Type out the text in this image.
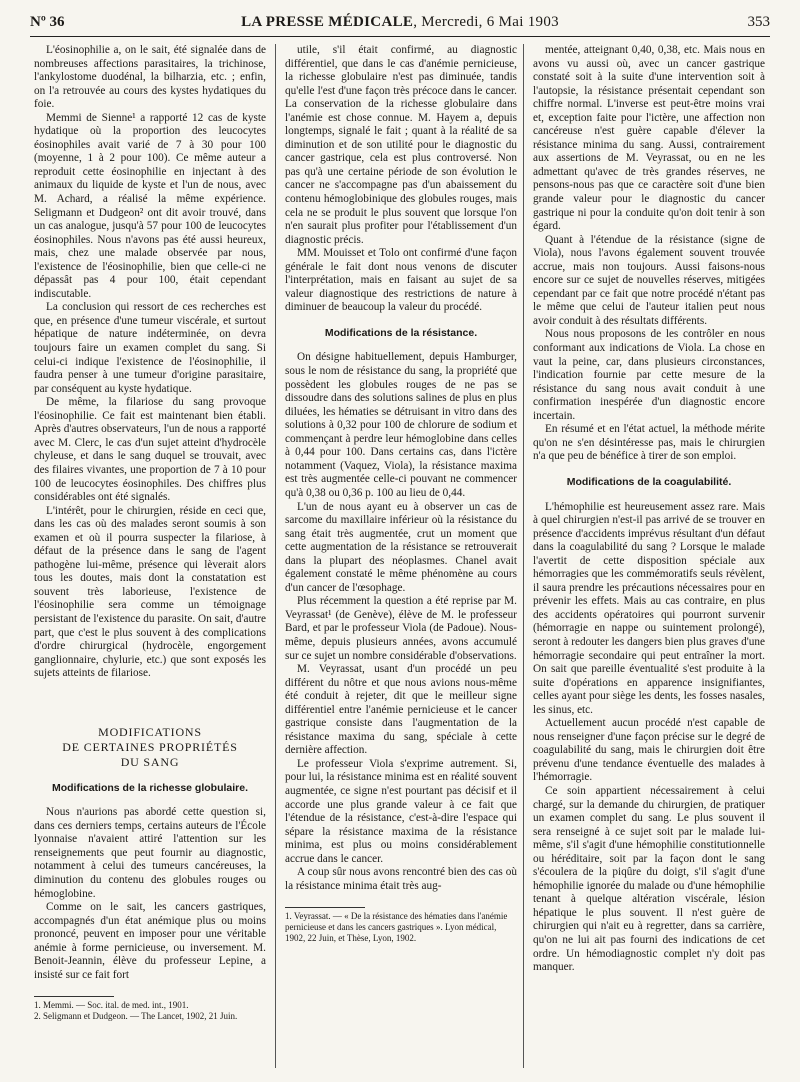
Nº 36	LA PRESSE MÉDICALE, Mercredi, 6 Mai 1903	353

L'éosinophilie a, on le sait, été signalée dans de nombreuses affections parasitaires, la trichinose, l'ankylostome duodénal, la bilharzia, etc. ; enfin, on l'a retrouvée au cours des kystes hydatiques du foie.

Memmi de Sienne¹ a rapporté 12 cas de kyste hydatique où la proportion des leucocytes éosinophiles avait varié de 7 à 30 pour 100 (moyenne, 1 à 2 pour 100). Ce même auteur a reproduit cette éosinophilie en injectant à des animaux du liquide de kyste et l'un de nous, avec M. Achard, a réalisé la même expérience. Seligmann et Dudgeon² ont dit avoir trouvé, dans un cas analogue, jusqu'à 57 pour 100 de leucocytes éosinophiles. Nous n'avons pas été aussi heureux, mais, chez une malade observée par nous, l'existence de l'éosinophilie, bien que celle-ci ne dépassât pas 4 pour 100, était cependant indiscutable.

La conclusion qui ressort de ces recherches est que, en présence d'une tumeur viscérale, et surtout hépatique de nature indéterminée, on devra toujours faire un examen complet du sang. Si celui-ci indique l'existence de l'éosinophilie, il faudra penser à une tumeur d'origine parasitaire, par conséquent au kyste hydatique.

De même, la filariose du sang provoque l'éosinophilie. Ce fait est maintenant bien établi. Après d'autres observateurs, l'un de nous a rapporté avec M. Clerc, le cas d'un sujet atteint d'hydrocèle chyleuse, et dans le sang duquel se trouvait, avec des filaires vivantes, une proportion de 7 à 10 pour 100 de leucocytes éosinophiles. Des chiffres plus considérables ont été signalés.

L'intérêt, pour le chirurgien, réside en ceci que, dans les cas où des malades seront soumis à son examen et où il pourra suspecter la filariose, à défaut de la présence dans le sang de l'agent pathogène lui-même, présence qui lèverait alors tous les doutes, mais dont la constatation est souvent très laborieuse, l'existence de l'éosinophilie sera comme un témoignage persistant de l'existence du parasite. On sait, d'autre part, que c'est le plus souvent à des complications d'ordre chirurgical (hydrocèle, engorgement ganglionnaire, chylurie, etc.) que sont exposés les sujets atteints de filariose.

MODIFICATIONS
DE CERTAINES PROPRIÉTÉS
DU SANG
Modifications de la richesse globulaire.

Nous n'aurions pas abordé cette question si, dans ces derniers temps, certains auteurs de l'École lyonnaise n'avaient attiré l'attention sur les renseignements que peut fournir au diagnostic, notamment à celui des tumeurs cancéreuses, la diminution du contenu des globules rouges ou hémoglobine.

Comme on le sait, les cancers gastriques, accompagnés d'un état anémique plus ou moins prononcé, peuvent en imposer pour une véritable anémie à forme pernicieuse, ou inversement. M. Benoit-Jeannin, élève du professeur Lepine, a insisté sur ce fait fort

1. Memmi. — Soc. ital. de med. int., 1901.

2. Seligmann et Dudgeon. — The Lancet, 1902, 21 Juin.

utile, s'il était confirmé, au diagnostic différentiel, que dans le cas d'anémie pernicieuse, la richesse globulaire n'est pas diminuée, tandis qu'elle l'est d'une façon très précoce dans le cancer. La conservation de la richesse globulaire dans l'anémie est chose connue. M. Hayem a, depuis longtemps, signalé le fait ; quant à la réalité de sa diminution et de son utilité pour le diagnostic du cancer gastrique, cela est plus controversé. Non pas qu'à une certaine période de son évolution le cancer ne s'accompagne pas d'un abaissement du contenu hémoglobinique des globules rouges, mais cela ne se produit le plus souvent que lorsque l'on n'en saurait plus profiter pour l'établissement d'un diagnostic précis.

MM. Mouisset et Tolo ont confirmé d'une façon générale le fait dont nous venons de discuter l'interprétation, mais en faisant au sujet de sa valeur diagnostique des restrictions de nature à diminuer de beaucoup la valeur du procédé.

Modifications de la résistance.

On désigne habituellement, depuis Hamburger, sous le nom de résistance du sang, la propriété que possèdent les globules rouges de ne pas se dissoudre dans des solutions salines de plus en plus diluées, les hématies se détruisant in vitro dans des solutions à 0,32 pour 100 de chlorure de sodium et commençant à perdre leur hémoglobine dans celles à 0,44 pour 100. Dans certains cas, dans l'ictère notamment (Vaquez, Viola), la résistance maxima est très augmentée celle-ci pouvant ne commencer qu'à 0,38 ou 0,36 p. 100 au lieu de 0,44.

L'un de nous ayant eu à observer un cas de sarcome du maxillaire inférieur où la résistance du sang était très augmentée, crut un moment que cette augmentation de la résistance se retrouverait dans la plupart des néoplasmes. Chanel avait également constaté le même phénomène au cours d'un cancer de l'œsophage.

Plus récemment la question a été reprise par M. Veyrassat¹ (de Genève), élève de M. le professeur Bard, et par le professeur Viola (de Padoue). Nous-même, depuis plusieurs années, avons accumulé sur ce sujet un nombre considérable d'observations.

M. Veyrassat, usant d'un procédé un peu différent du nôtre et que nous avions nous-même été conduit à rejeter, dit que le meilleur signe différentiel entre l'anémie pernicieuse et le cancer gastrique consiste dans l'augmentation de la résistance maxima du sang, spéciale à cette dernière affection.

Le professeur Viola s'exprime autrement. Si, pour lui, la résistance minima est en réalité souvent augmentée, ce signe n'est pourtant pas décisif et il accorde une plus grande valeur à ce fait que l'étendue de la résistance, c'est-à-dire l'espace qui sépare la résistance maxima de la résistance minima, est plus ou moins considérablement accrue dans le cancer.

A coup sûr nous avons rencontré bien des cas où la résistance minima était très aug-

1. Veyrassat. — « De la résistance des hématies dans l'anémie pernicieuse et dans les cancers gastriques ». Lyon médical, 1902, 22 Juin, et Thèse, Lyon, 1902.

mentée, atteignant 0,40, 0,38, etc. Mais nous en avons vu aussi où, avec un cancer gastrique constaté soit à la suite d'une intervention soit à l'autopsie, la résistance présentait cependant son chiffre normal. L'inverse est peut-être moins vrai et, exception faite pour l'ictère, une affection non cancéreuse n'est guère capable d'élever la résistance minima du sang. Aussi, contrairement aux assertions de M. Veyrassat, ou en ne les admettant qu'avec de très grandes réserves, ne pensons-nous pas que ce caractère soit d'une bien grande valeur pour le diagnostic du cancer gastrique ni pour la conduite qu'on doit tenir à son égard.

Quant à l'étendue de la résistance (signe de Viola), nous l'avons également souvent trouvée accrue, mais non toujours. Aussi faisons-nous encore sur ce sujet de nouvelles réserves, mitigées cependant par ce fait que notre procédé n'étant pas le même que celui de l'auteur italien peut nous avoir conduit à des résultats différents.

Nous nous proposons de les contrôler en nous conformant aux indications de Viola. La chose en vaut la peine, car, dans plusieurs circonstances, l'indication fournie par cette mesure de la résistance du sang nous avait conduit à une confirmation inespérée d'un diagnostic encore incertain.

En résumé et en l'état actuel, la méthode mérite qu'on ne s'en désintéresse pas, mais le chirurgien n'a que peu de bénéfice à tirer de son emploi.

Modifications de la coagulabilité.

L'hémophilie est heureusement assez rare. Mais à quel chirurgien n'est-il pas arrivé de se trouver en présence d'accidents imprévus résultant d'un défaut dans la coagulabilité du sang ? Lorsque le malade l'avertit de cette disposition spéciale aux hémorragies que les commémoratifs seuls révèlent, il saura prendre les précautions nécessaires pour en prévenir les effets. Mais au cas contraire, en plus des accidents opératoires qui pourront survenir (hémorragie en nappe ou suintement prolongé), seront à redouter les dangers bien plus graves d'une hémorragie secondaire qui peut entraîner la mort. On sait que pareille éventualité s'est produite à la suite d'opérations en apparence insignifiantes, celles ayant pour siège les dents, les fosses nasales, les sinus, etc.

Actuellement aucun procédé n'est capable de nous renseigner d'une façon précise sur le degré de coagulabilité du sang, mais le chirurgien doit être prévenu d'une tendance éventuelle des malades à l'hémorragie.

Ce soin appartient nécessairement à celui chargé, sur la demande du chirurgien, de pratiquer un examen complet du sang. Le plus souvent il sera renseigné à ce sujet soit par le malade lui-même, s'il s'agit d'une hémophilie constitutionnelle ou héréditaire, soit par la façon dont le sang s'écoulera de la piqûre du doigt, s'il s'agit d'une hémophilie ignorée du malade ou d'une hémophilie tenant à quelque altération viscérale, lésion hépatique le plus souvent. Il n'est guère de chirurgien qui n'ait eu à regretter, dans sa carrière, qu'on ne lui ait pas fourni des indications de cet ordre. Un hémodiagnostic complet n'y doit pas manquer.
